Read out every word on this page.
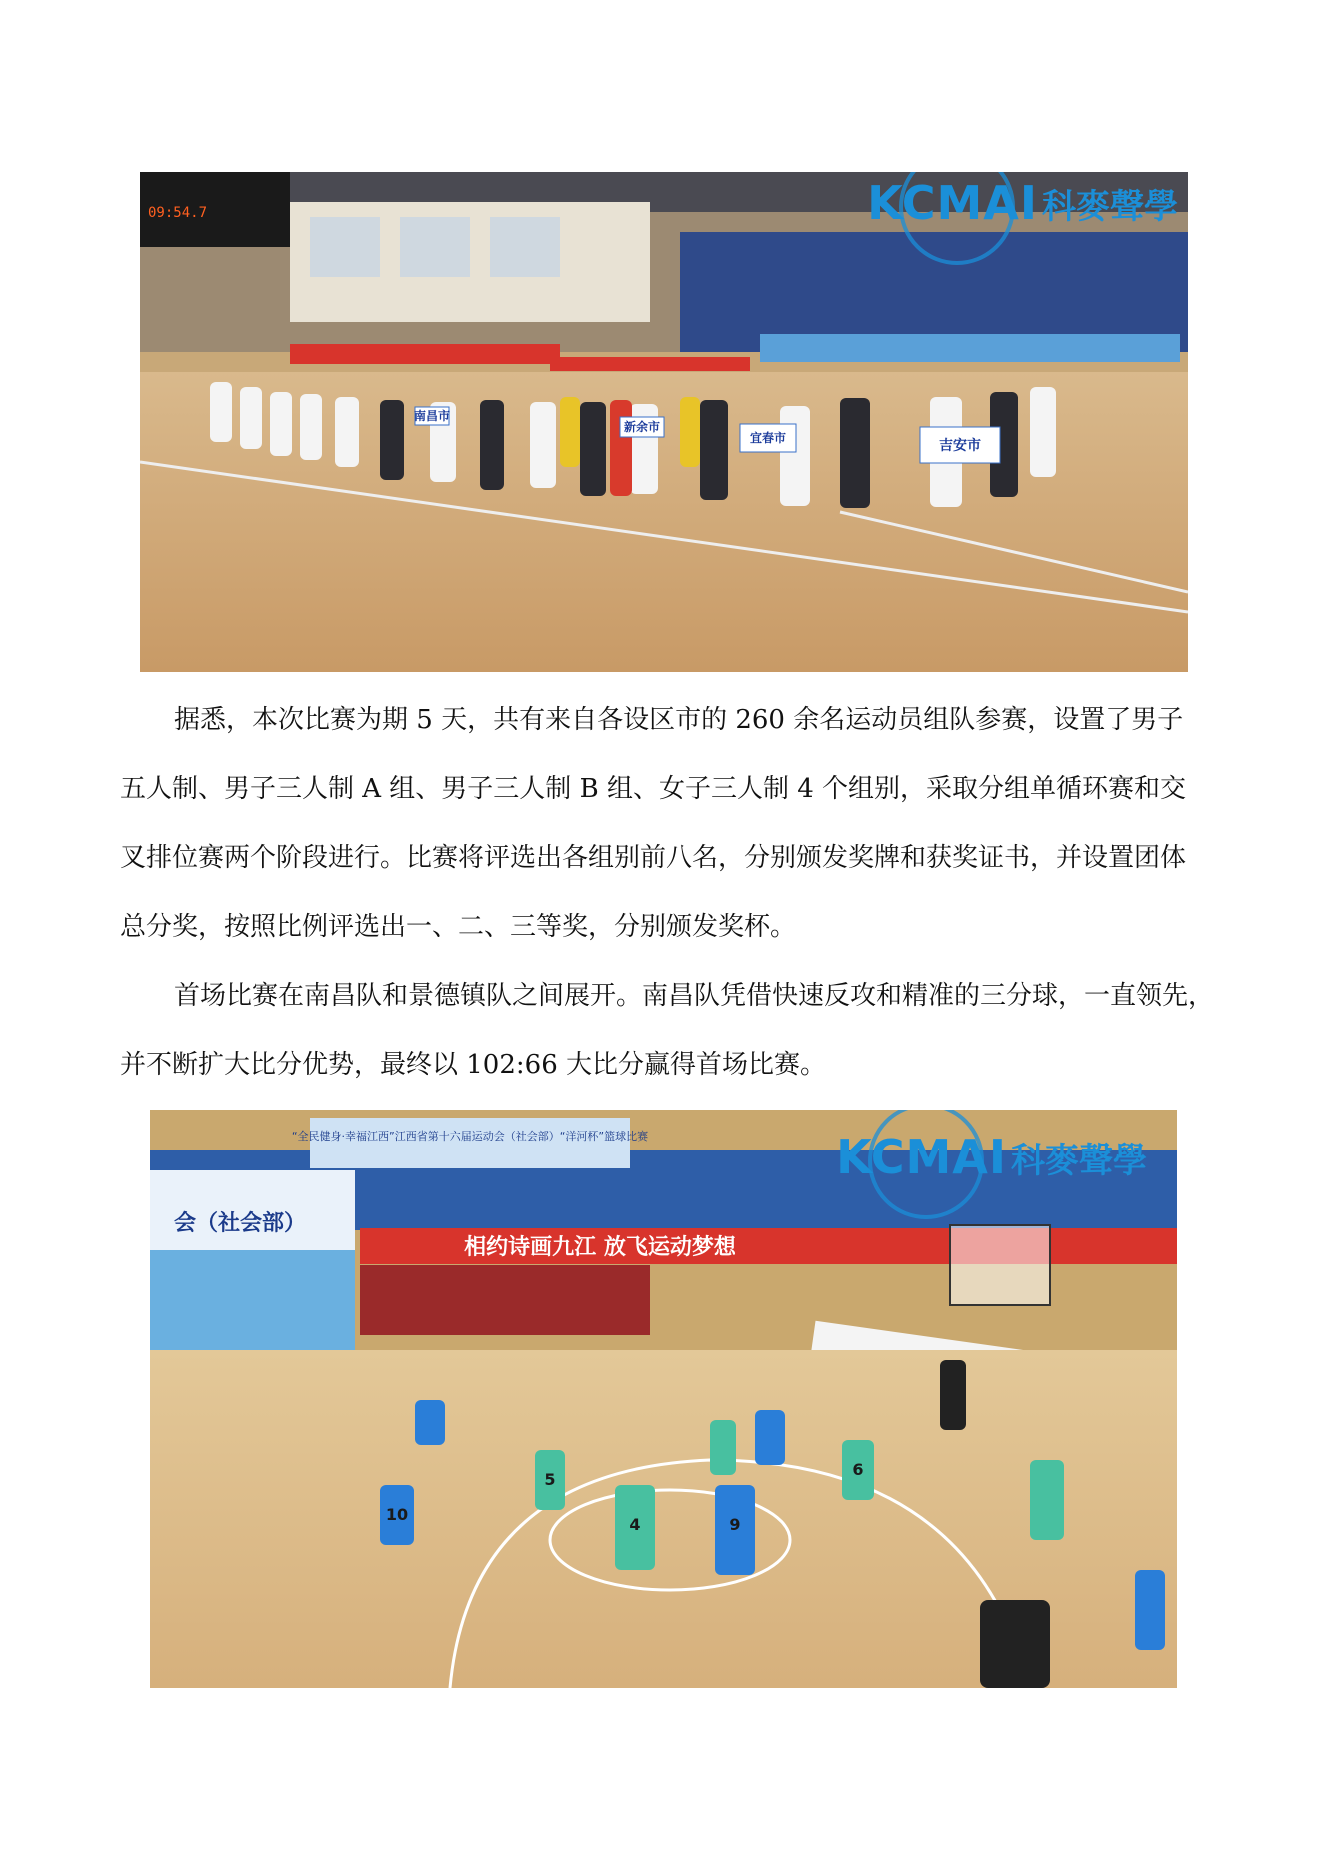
南昌市
新余市
宜春市	吉安市
09:54.7	KCMAI 科麥聲學
据悉，本次比赛为期 5 天，共有来自各设区市的 260 余名运动员组队参赛，设置了男子
五人制、男子三人制 A 组、男子三人制 B 组、女子三人制 4 个组别，采取分组单循环赛和交
叉排位赛两个阶段进行。比赛将评选出各组别前八名，分别颁发奖牌和获奖证书，并设置团体
总分奖，按照比例评选出一、二、三等奖，分别颁发奖杯。
首场比赛在南昌队和景德镇队之间展开。南昌队凭借快速反攻和精准的三分球，一直领先，
并不断扩大比分优势，最终以 102:66 大比分赢得首场比赛。
“全民健身·幸福江西”江西省第十六届运动会（社会部）“洋河杯”篮球比赛
相约诗画九江 放飞运动梦想
会（社会部）
10
4	9
5
6
KCMAI 科麥聲學
